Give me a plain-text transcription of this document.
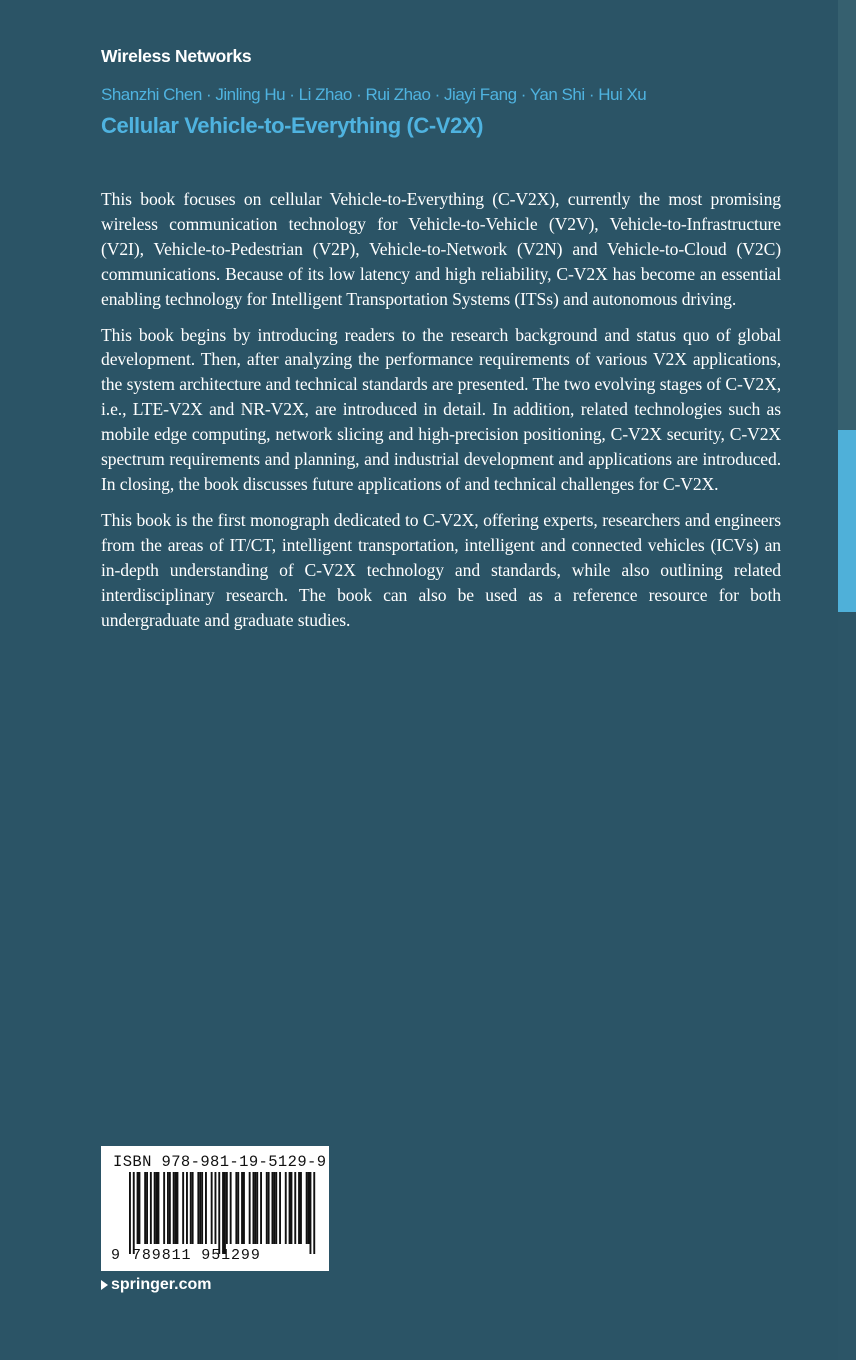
Wireless Networks
Shanzhi Chen · Jinling Hu · Li Zhao · Rui Zhao · Jiayi Fang · Yan Shi · Hui Xu
Cellular Vehicle-to-Everything (C-V2X)

This book focuses on cellular Vehicle-to-Everything (C-V2X), currently the most promising wireless communication technology for Vehicle-to-Vehicle (V2V), Vehicle-to-Infrastructure (V2I), Vehicle-to-Pedestrian (V2P), Vehicle-to-Network (V2N) and Vehicle-to-Cloud (V2C) communications. Because of its low latency and high reliability, C-V2X has become an essential enabling technology for Intelligent Transportation Systems (ITSs) and autonomous driving.

This book begins by introducing readers to the research background and status quo of global development. Then, after analyzing the performance requirements of various V2X applications, the system architecture and technical standards are presented. The two evolving stages of C-V2X, i.e., LTE-V2X and NR-V2X, are introduced in detail. In addition, related technologies such as mobile edge computing, network slicing and high-precision positioning, C-V2X security, C-V2X spectrum requirements and planning, and industrial development and applications are introduced. In closing, the book discusses future applications of and technical challenges for C-V2X.

This book is the first monograph dedicated to C-V2X, offering experts, researchers and engineers from the areas of IT/CT, intelligent transportation, intelligent and connected vehicles (ICVs) an in-depth understanding of C-V2X technology and standards, while also outlining related interdisciplinary research. The book can also be used as a reference resource for both undergraduate and graduate studies.

ISBN 978-981-19-5129-9
9 789811 951299
springer.com
